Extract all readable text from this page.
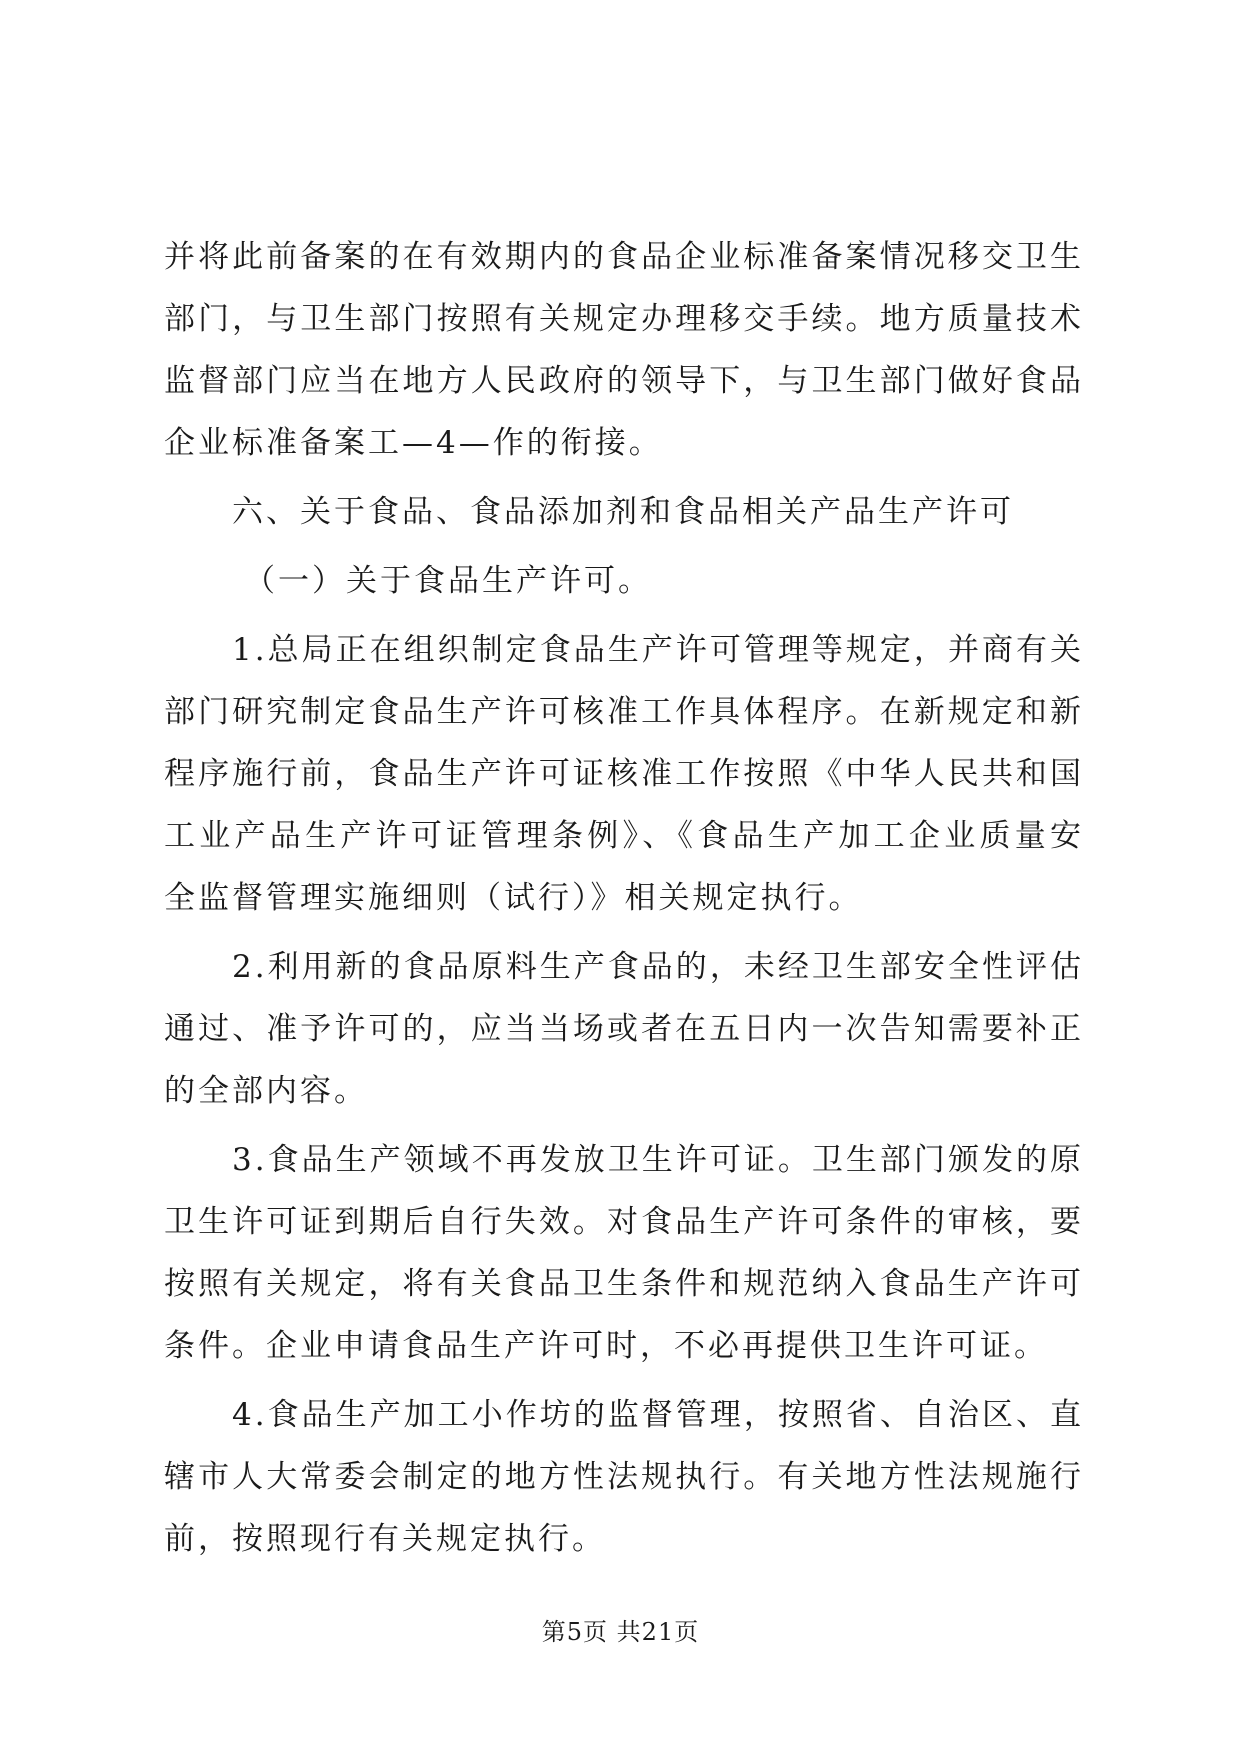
并将此前备案的在有效期内的食品企业标准备案情况移交卫生部门，与卫生部门按照有关规定办理移交手续。地方质量技术监督部门应当在地方人民政府的领导下，与卫生部门做好食品企业标准备案工—4—作的衔接。

六、关于食品、食品添加剂和食品相关产品生产许可

（一）关于食品生产许可。

1.总局正在组织制定食品生产许可管理等规定，并商有关部门研究制定食品生产许可核准工作具体程序。在新规定和新程序施行前，食品生产许可证核准工作按照《中华人民共和国工业产品生产许可证管理条例》、《食品生产加工企业质量安全监督管理实施细则（试行）》相关规定执行。

2.利用新的食品原料生产食品的，未经卫生部安全性评估通过、准予许可的，应当当场或者在五日内一次告知需要补正的全部内容。

3.食品生产领域不再发放卫生许可证。卫生部门颁发的原卫生许可证到期后自行失效。对食品生产许可条件的审核，要按照有关规定，将有关食品卫生条件和规范纳入食品生产许可条件。企业申请食品生产许可时，不必再提供卫生许可证。

4.食品生产加工小作坊的监督管理，按照省、自治区、直辖市人大常委会制定的地方性法规执行。有关地方性法规施行前，按照现行有关规定执行。

第5页 共21页
